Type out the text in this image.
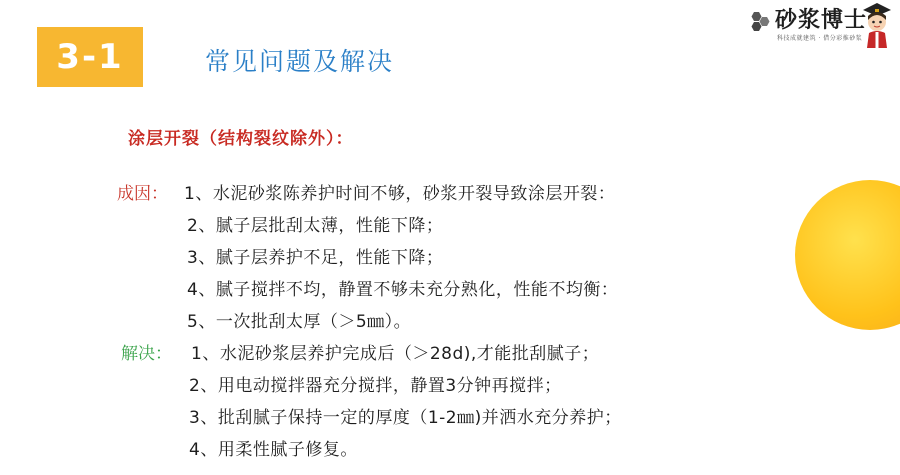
3-1	常见问题及解决
砂浆博士
科技成就建筑 · 借分彩推砂浆
涂层开裂（结构裂纹除外）：
成因： 1、水泥砂浆陈养护时间不够，砂浆开裂导致涂层开裂：
2、腻子层批刮太薄，性能下降；
3、腻子层养护不足，性能下降；
4、腻子搅拌不均，静置不够未充分熟化，性能不均衡：
5、一次批刮太厚（＞5㎜）。
解决： 1、水泥砂浆层养护完成后（＞28d),才能批刮腻子；
2、用电动搅拌器充分搅拌，静置3分钟再搅拌；
3、批刮腻子保持一定的厚度（1-2㎜)并洒水充分养护；
4、用柔性腻子修复。
